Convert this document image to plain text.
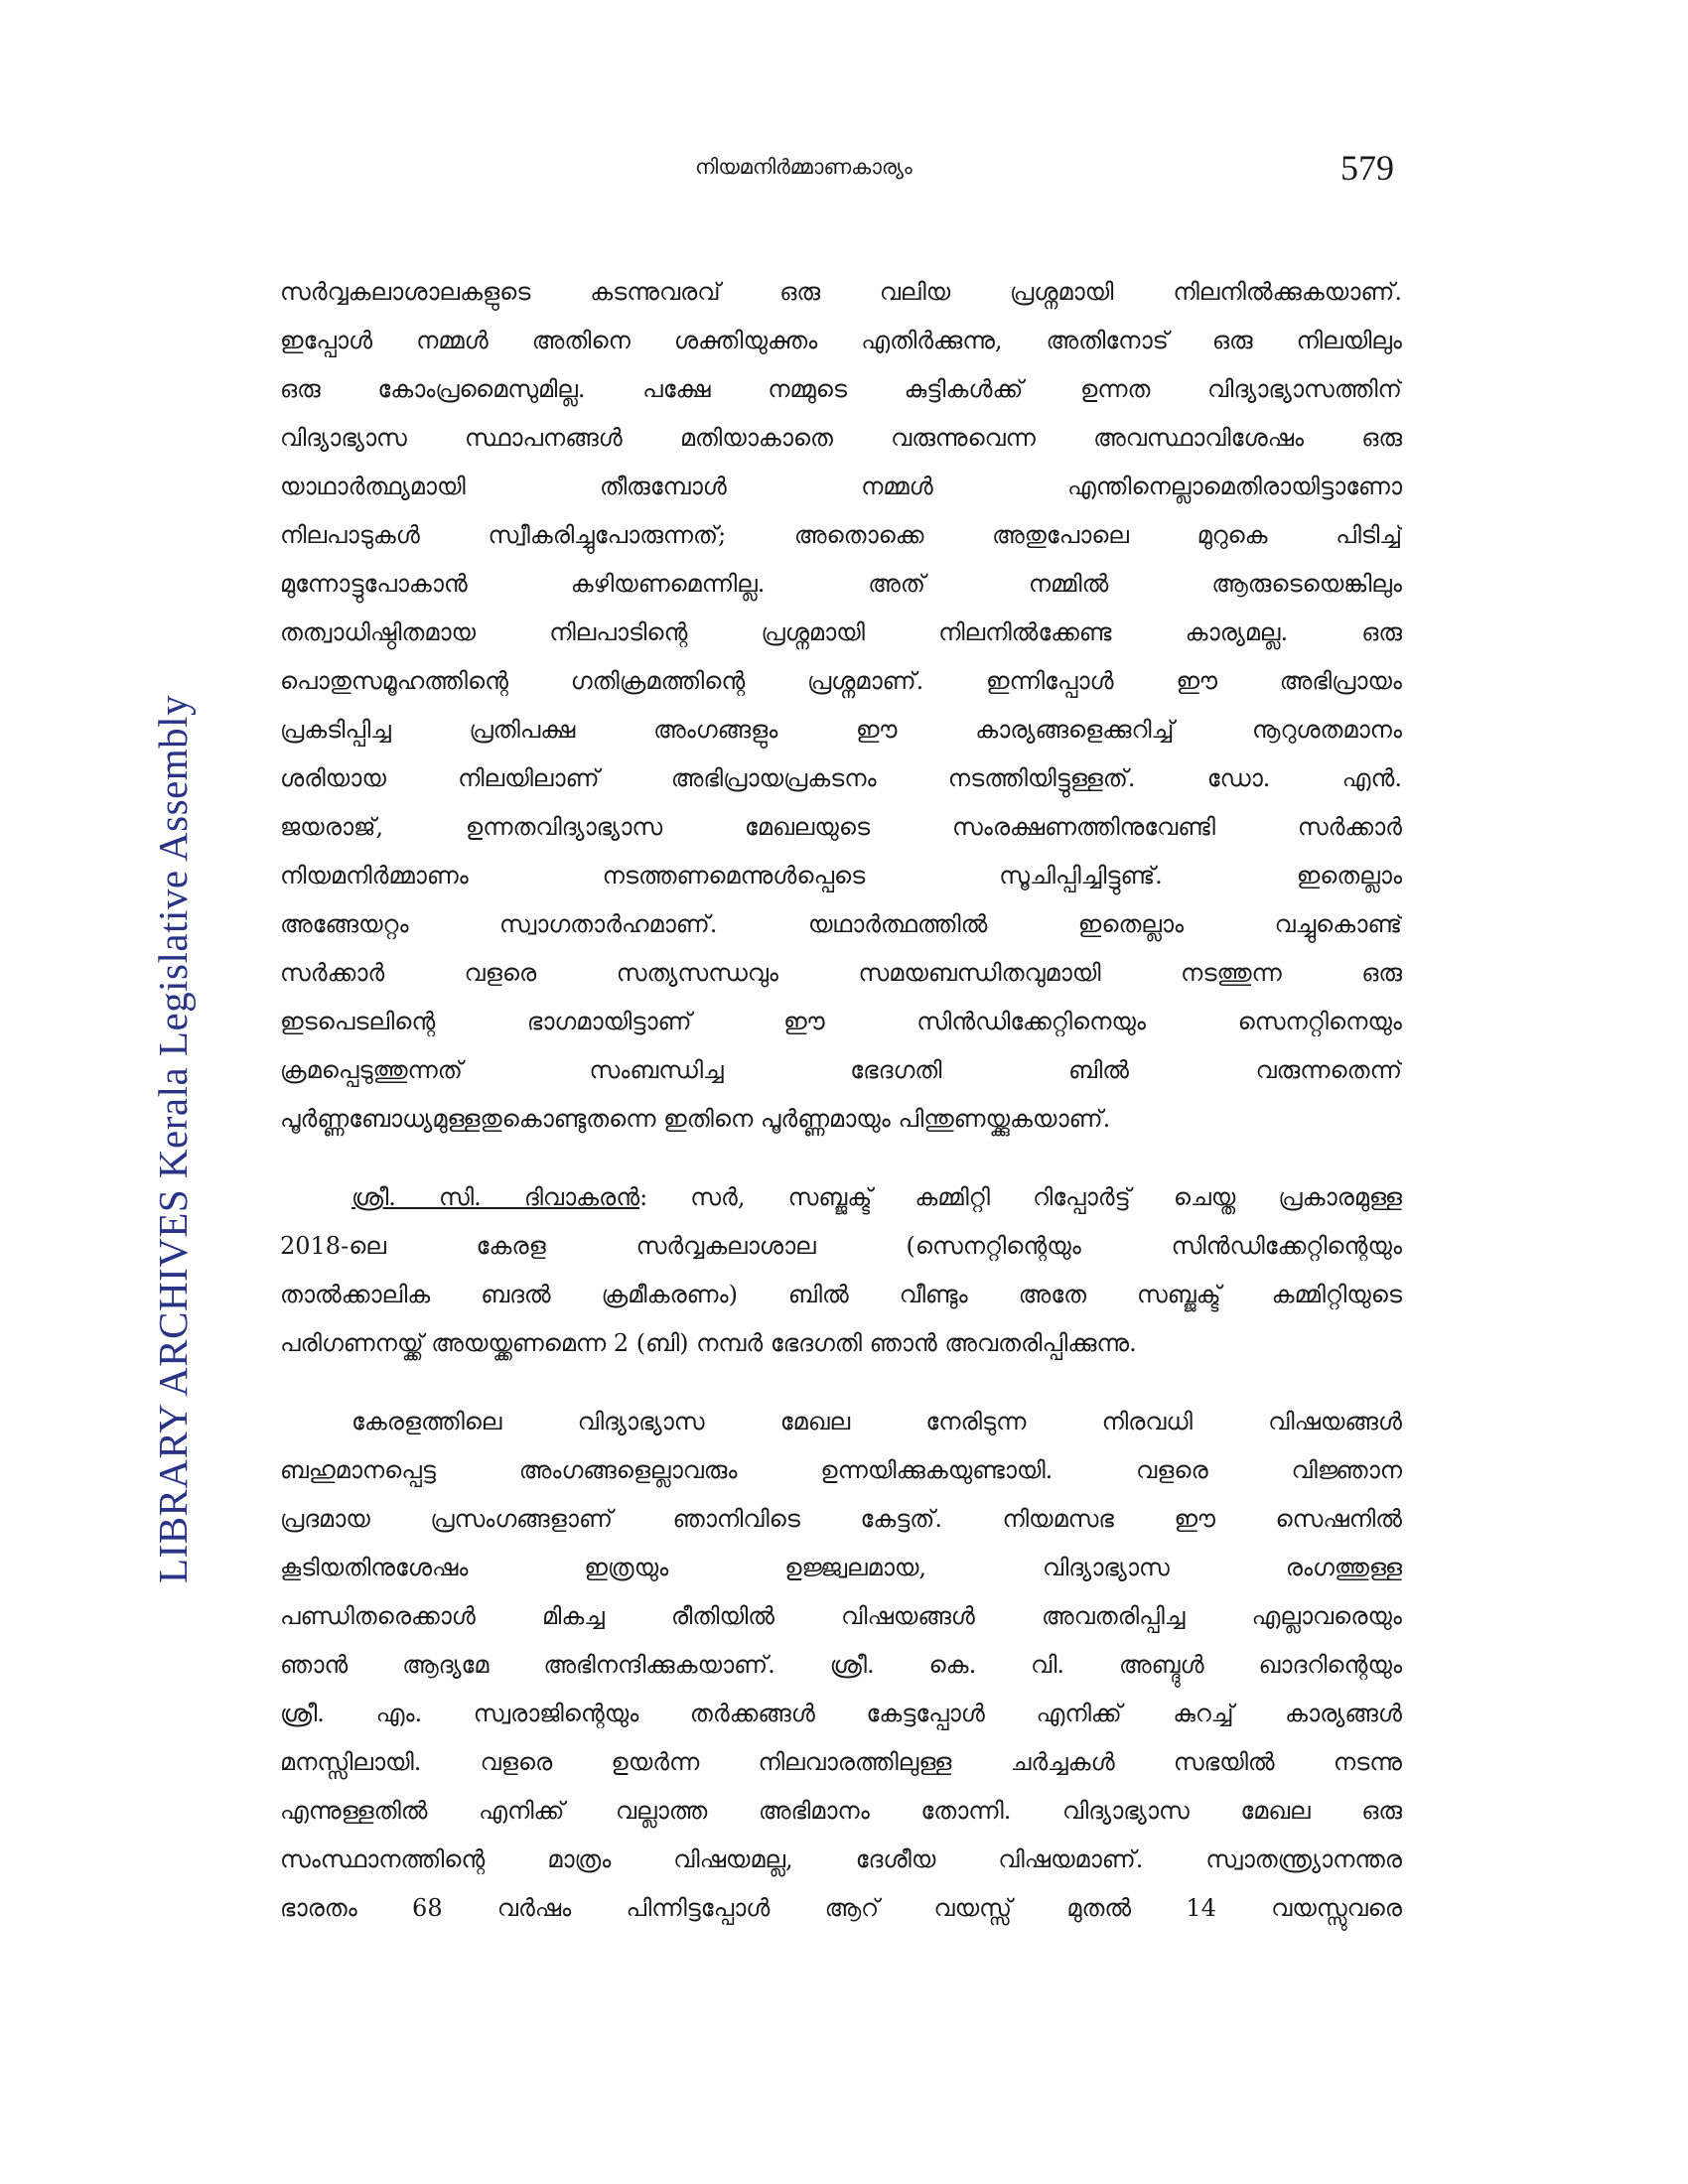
നിയമനിർമ്മാണകാര്യം	579
LIBRARY ARCHIVES Kerala Legislative Assembly
സർവ്വകലാശാലകളുടെ കടന്നുവരവ് ഒരു വലിയ പ്രശ്നമായി നിലനിൽക്കുകയാണ്.
ഇപ്പോൾ നമ്മൾ അതിനെ ശക്തിയുക്തം എതിർക്കുന്നു, അതിനോട് ഒരു നിലയിലും
ഒരു കോംപ്രമൈസുമില്ല. പക്ഷേ നമ്മുടെ കുട്ടികൾക്ക് ഉന്നത വിദ്യാഭ്യാസത്തിന്
വിദ്യാഭ്യാസ സ്ഥാപനങ്ങൾ മതിയാകാതെ വരുന്നുവെന്ന അവസ്ഥാവിശേഷം ഒരു
യാഥാർത്ഥ്യമായി തീരുമ്പോൾ നമ്മൾ എന്തിനെല്ലാമെതിരായിട്ടാണോ
നിലപാടുകൾ സ്വീകരിച്ചുപോരുന്നത്; അതൊക്കെ അതുപോലെ മുറുകെ പിടിച്ച്
മുന്നോട്ടുപോകാൻ കഴിയണമെന്നില്ല. അത് നമ്മിൽ ആരുടെയെങ്കിലും
തത്വാധിഷ്ഠിതമായ നിലപാടിന്റെ പ്രശ്നമായി നിലനിൽക്കേണ്ട കാര്യമല്ല. ഒരു
പൊതുസമൂഹത്തിന്റെ ഗതിക്രമത്തിന്റെ പ്രശ്നമാണ്. ഇന്നിപ്പോൾ ഈ അഭിപ്രായം
പ്രകടിപ്പിച്ച പ്രതിപക്ഷ അംഗങ്ങളും ഈ കാര്യങ്ങളെക്കുറിച്ച് നൂറുശതമാനം
ശരിയായ നിലയിലാണ് അഭിപ്രായപ്രകടനം നടത്തിയിട്ടുള്ളത്. ഡോ. എൻ.
ജയരാജ്, ഉന്നതവിദ്യാഭ്യാസ മേഖലയുടെ സംരക്ഷണത്തിനുവേണ്ടി സർക്കാർ
നിയമനിർമ്മാണം നടത്തണമെന്നുൾപ്പെടെ സൂചിപ്പിച്ചിട്ടുണ്ട്. ഇതെല്ലാം
അങ്ങേയറ്റം സ്വാഗതാർഹമാണ്. യഥാർത്ഥത്തിൽ ഇതെല്ലാം വച്ചുകൊണ്ട്
സർക്കാർ വളരെ സത്യസന്ധവും സമയബന്ധിതവുമായി നടത്തുന്ന ഒരു
ഇടപെടലിന്റെ ഭാഗമായിട്ടാണ് ഈ സിൻഡിക്കേറ്റിനെയും സെനറ്റിനെയും
ക്രമപ്പെടുത്തുന്നത് സംബന്ധിച്ച ഭേദഗതി ബിൽ വരുന്നതെന്ന്
പൂർണ്ണബോധ്യമുള്ളതുകൊണ്ടുതന്നെ ഇതിനെ പൂർണ്ണമായും പിന്തുണയ്ക്കുകയാണ്.
ശ്രീ. സി. ദിവാകരൻ: സർ, സബ്ജക്ട് കമ്മിറ്റി റിപ്പോർട്ട് ചെയ്ത പ്രകാരമുള്ള
2018-ലെ കേരള സർവ്വകലാശാല (സെനറ്റിന്റെയും സിൻഡിക്കേറ്റിന്റെയും
താൽക്കാലിക ബദൽ ക്രമീകരണം) ബിൽ വീണ്ടും അതേ സബ്ജക്ട് കമ്മിറ്റിയുടെ
പരിഗണനയ്ക്ക് അയയ്ക്കണമെന്ന 2 (ബി) നമ്പർ ഭേദഗതി ഞാൻ അവതരിപ്പിക്കുന്നു.
കേരളത്തിലെ വിദ്യാഭ്യാസ മേഖല നേരിടുന്ന നിരവധി വിഷയങ്ങൾ
ബഹുമാനപ്പെട്ട അംഗങ്ങളെല്ലാവരും ഉന്നയിക്കുകയുണ്ടായി. വളരെ വിജ്ഞാന
പ്രദമായ പ്രസംഗങ്ങളാണ് ഞാനിവിടെ കേട്ടത്. നിയമസഭ ഈ സെഷനിൽ
കൂടിയതിനുശേഷം ഇത്രയും ഉജ്ജ്വലമായ, വിദ്യാഭ്യാസ രംഗത്തുള്ള
പണ്ഡിതരെക്കാൾ മികച്ച രീതിയിൽ വിഷയങ്ങൾ അവതരിപ്പിച്ച എല്ലാവരെയും
ഞാൻ ആദ്യമേ അഭിനന്ദിക്കുകയാണ്. ശ്രീ. കെ. വി. അബ്ദുൾ ഖാദറിന്റെയും
ശ്രീ. എം. സ്വരാജിന്റെയും തർക്കങ്ങൾ കേട്ടപ്പോൾ എനിക്ക് കുറച്ച് കാര്യങ്ങൾ
മനസ്സിലായി. വളരെ ഉയർന്ന നിലവാരത്തിലുള്ള ചർച്ചകൾ സഭയിൽ നടന്നു
എന്നുള്ളതിൽ എനിക്ക് വല്ലാത്ത അഭിമാനം തോന്നി. വിദ്യാഭ്യാസ മേഖല ഒരു
സംസ്ഥാനത്തിന്റെ മാത്രം വിഷയമല്ല, ദേശീയ വിഷയമാണ്. സ്വാതന്ത്ര്യാനന്തര
ഭാരതം 68 വർഷം പിന്നിട്ടപ്പോൾ ആറ് വയസ്സ് മുതൽ 14 വയസ്സുവരെ
